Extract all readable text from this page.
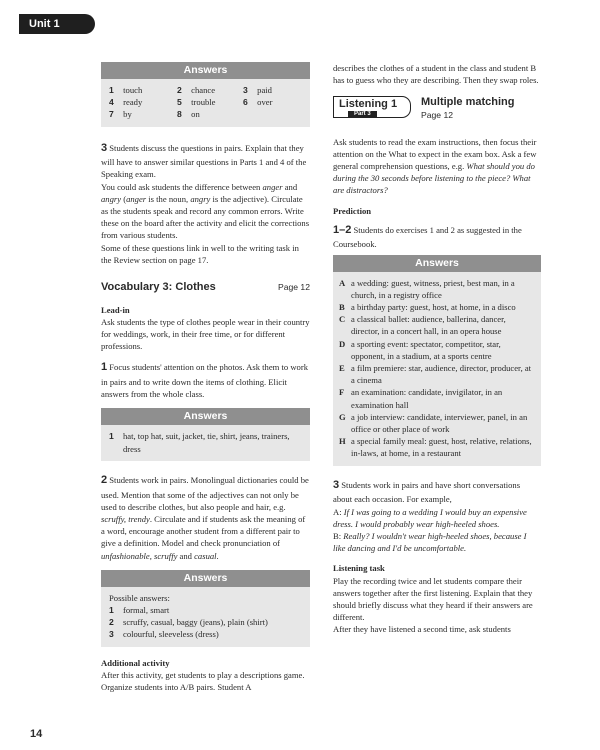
Unit 1
Answers
1 touch	2 chance	3 paid
4 ready	5 trouble	6 over
7 by	8 on

3 Students discuss the questions in pairs. Explain that they will have to answer similar questions in Parts 1 and 4 of the Speaking exam.

You could ask students the difference between anger and angry (anger is the noun, angry is the adjective). Circulate as the students speak and record any common errors. Write these on the board after the activity and elicit the corrections from various students.

Some of these questions link in well to the writing task in the Review section on page 17.

Vocabulary 3: Clothes	Page 12
Lead-in

Ask students the type of clothes people wear in their country for weddings, work, in their free time, or for different professions.

1 Focus students' attention on the photos. Ask them to work in pairs and to write down the items of clothing. Elicit answers from the whole class.

Answers
1	hat, top hat, suit, jacket, tie, shirt, jeans, trainers, dress

2 Students work in pairs. Monolingual dictionaries could be used. Mention that some of the adjectives can not only be used to describe clothes, but also people and hair, e.g. scruffy, trendy. Circulate and if students ask the meaning of a word, encourage another student from a different pair to give a definition. Model and check pronunciation of unfashionable, scruffy and casual.

Answers
Possible answers:
1	formal, smart
2	scruffy, casual, baggy (jeans), plain (shirt)
3	colourful, sleeveless (dress)
Additional activity

After this activity, get students to play a descriptions game. Organize students into A/B pairs. Student A

describes the clothes of a student in the class and student B has to guess who they are describing. Then they swap roles.

Listening 1
Part 3
Multiple matching
Page 12

Ask students to read the exam instructions, then focus their attention on the What to expect in the exam box. Ask a few general comprehension questions, e.g. What should you do during the 30 seconds before listening to the piece? What are distractors?

Prediction

1–2 Students do exercises 1 and 2 as suggested in the Coursebook.

Answers
A a wedding: guest, witness, priest, best man, in a church, in a registry office
B a birthday party: guest, host, at home, in a disco
C a classical ballet: audience, ballerina, dancer, director, in a concert hall, in an opera house
D a sporting event: spectator, competitor, star, opponent, in a stadium, at a sports centre
E a film premiere: star, audience, director, producer, at a cinema
F an examination: candidate, invigilator, in an examination hall
G a job interview: candidate, interviewer, panel, in an office or other place of work
H a special family meal: guest, host, relative, relations, in-laws, at home, in a restaurant

3 Students work in pairs and have short conversations about each occasion. For example,

A: If I was going to a wedding I would buy an expensive dress. I would probably wear high-heeled shoes.

B: Really? I wouldn't wear high-heeled shoes, because I like dancing and I'd be uncomfortable.

Listening task

Play the recording twice and let students compare their answers together after the first listening. Explain that they should briefly discuss what they heard if their answers are different.

After they have listened a second time, ask students

14
